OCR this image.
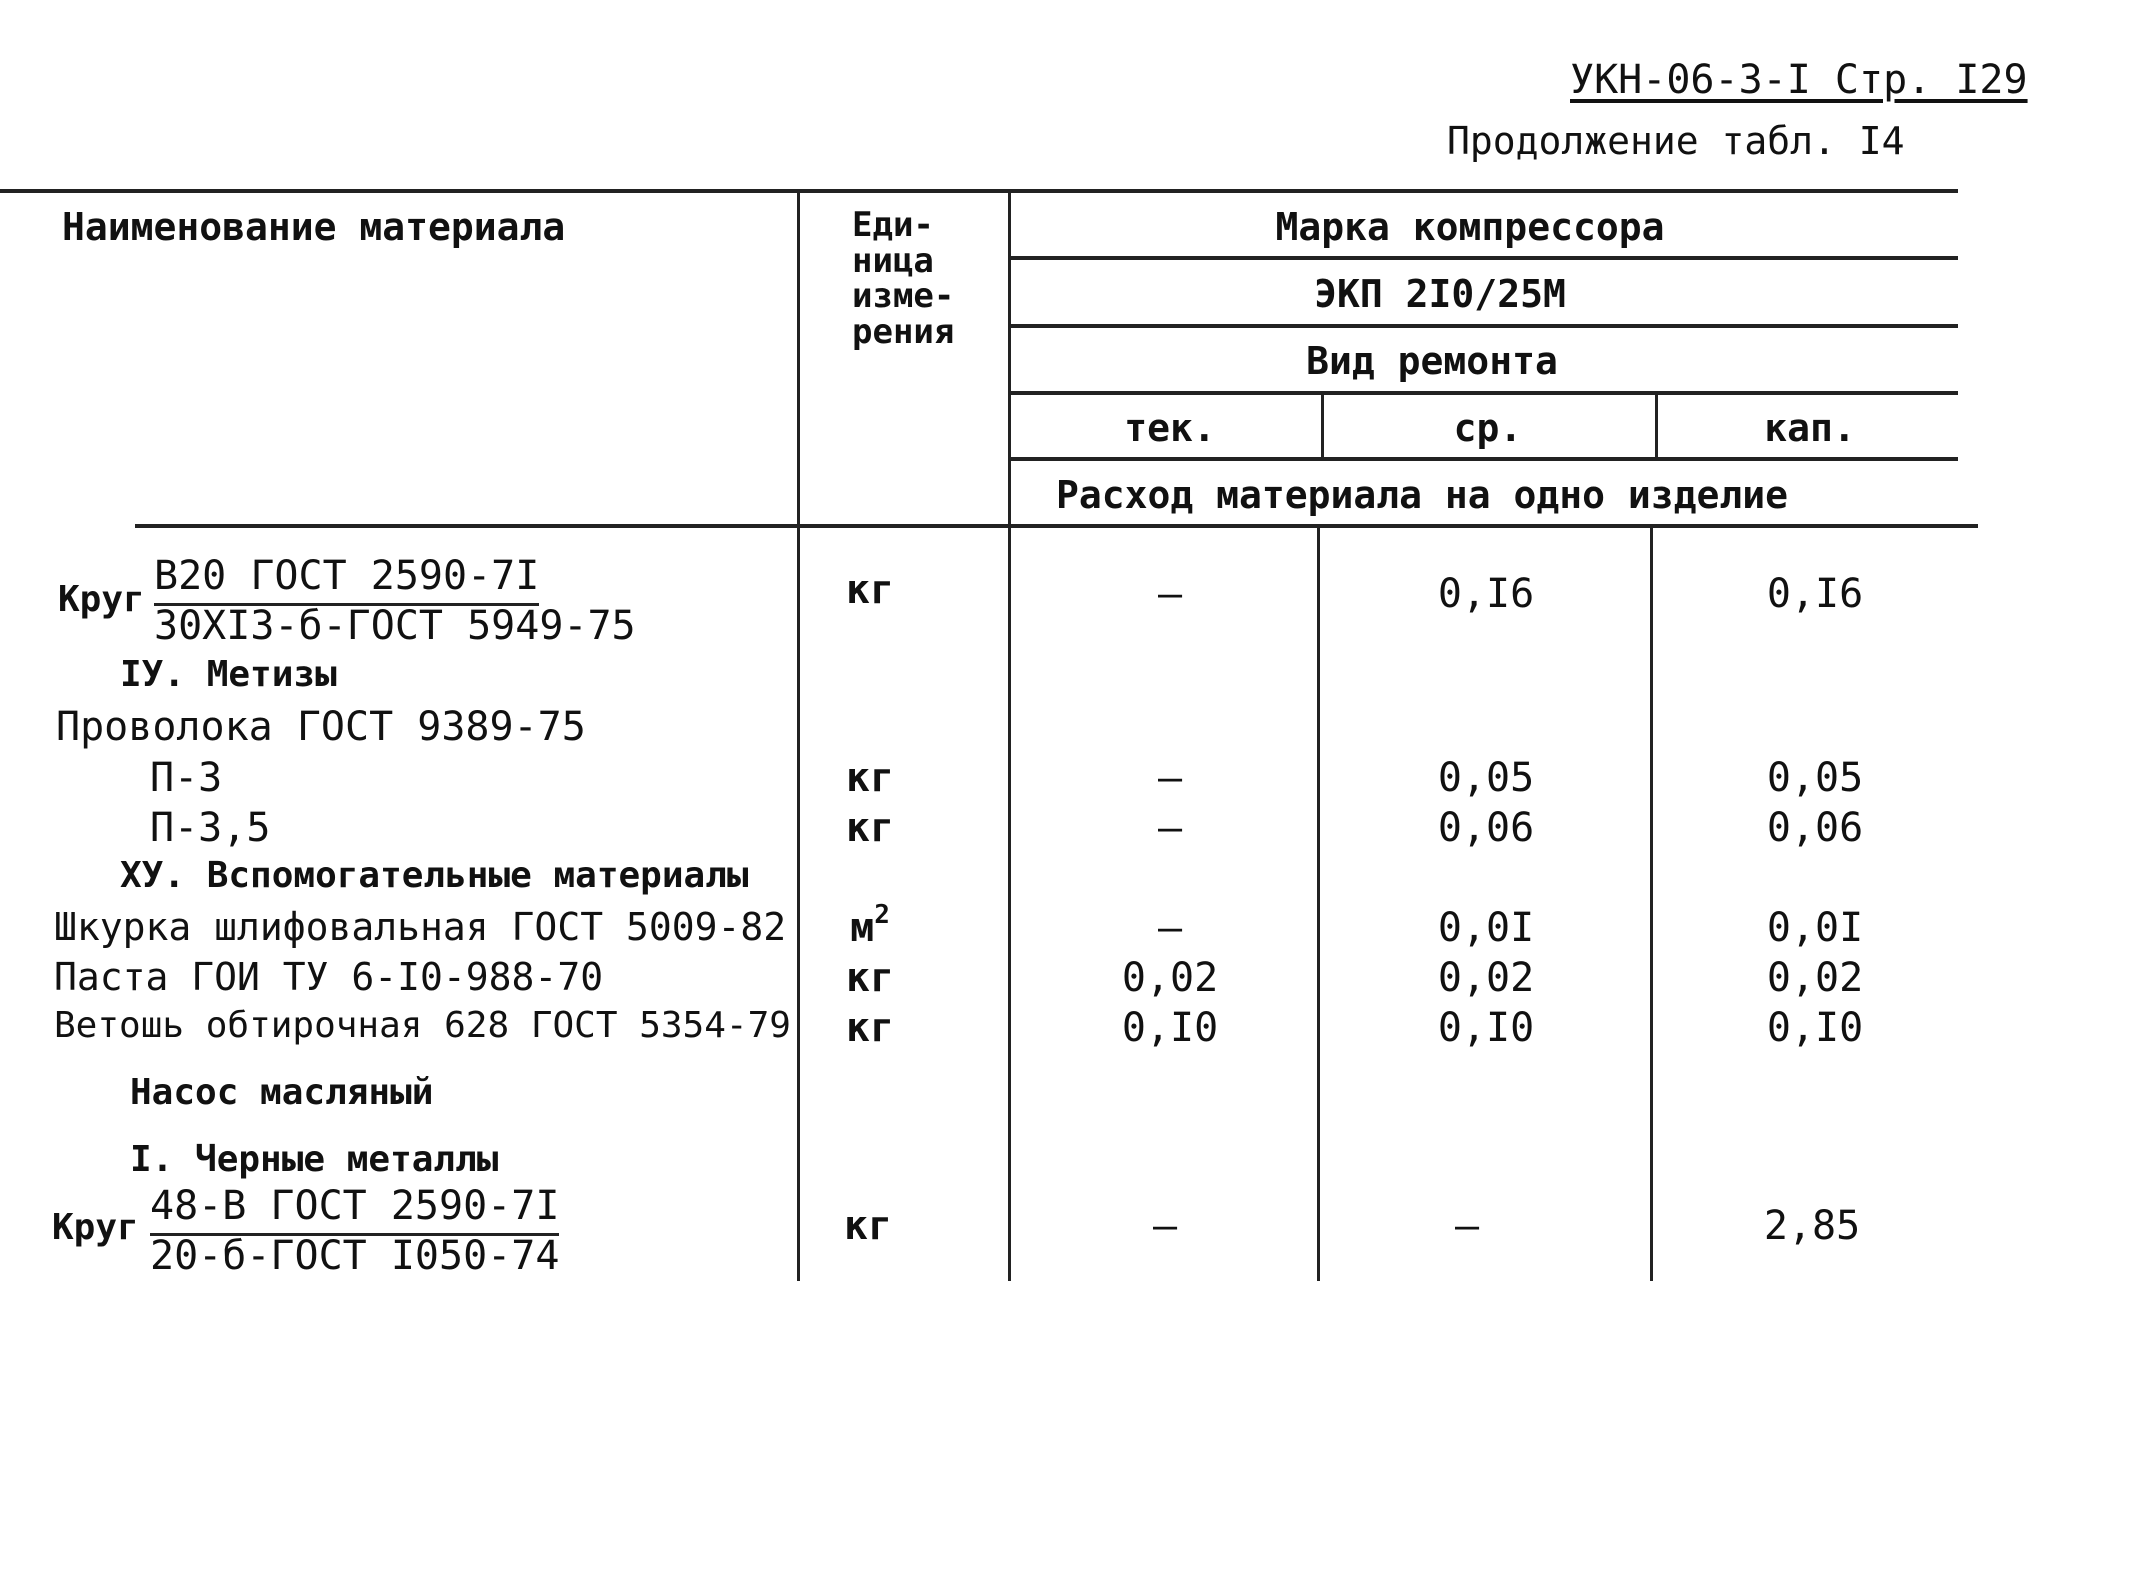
УКН-06-3-I Стр. I29
Продолжение табл. I4
Наименование материала	Еди-
ница
изме-
рения
Марка компрессора
ЭКП 2I0/25М
Вид ремонта
тек.	ср.	кап.
Расход материала на одно изделие
Круг
В20 ГОСТ 2590-7I
30ХI3-б-ГОСТ 5949-75
кг	–	0,I6	0,I6
IУ. Метизы
Проволока ГОСТ 9389-75
П-3	кг	–	0,05	0,05
П-3,5	кг	–	0,06	0,06
ХУ. Вспомогательные материалы
Шкурка шлифовальная ГОСТ 5009-82 $м^2$	–	0,0I	0,0I
Паста ГОИ ТУ 6-I0-988-70	кг	0,02	0,02	0,02
Ветошь обтирочная 628 ГОСТ 5354-79 кг	0,I0	0,I0	0,I0
Насос масляный
I. Черные металлы
Круг 48-В ГОСТ 2590-7I
20-б-ГОСТ I050-74
кг	–	–	2,85
